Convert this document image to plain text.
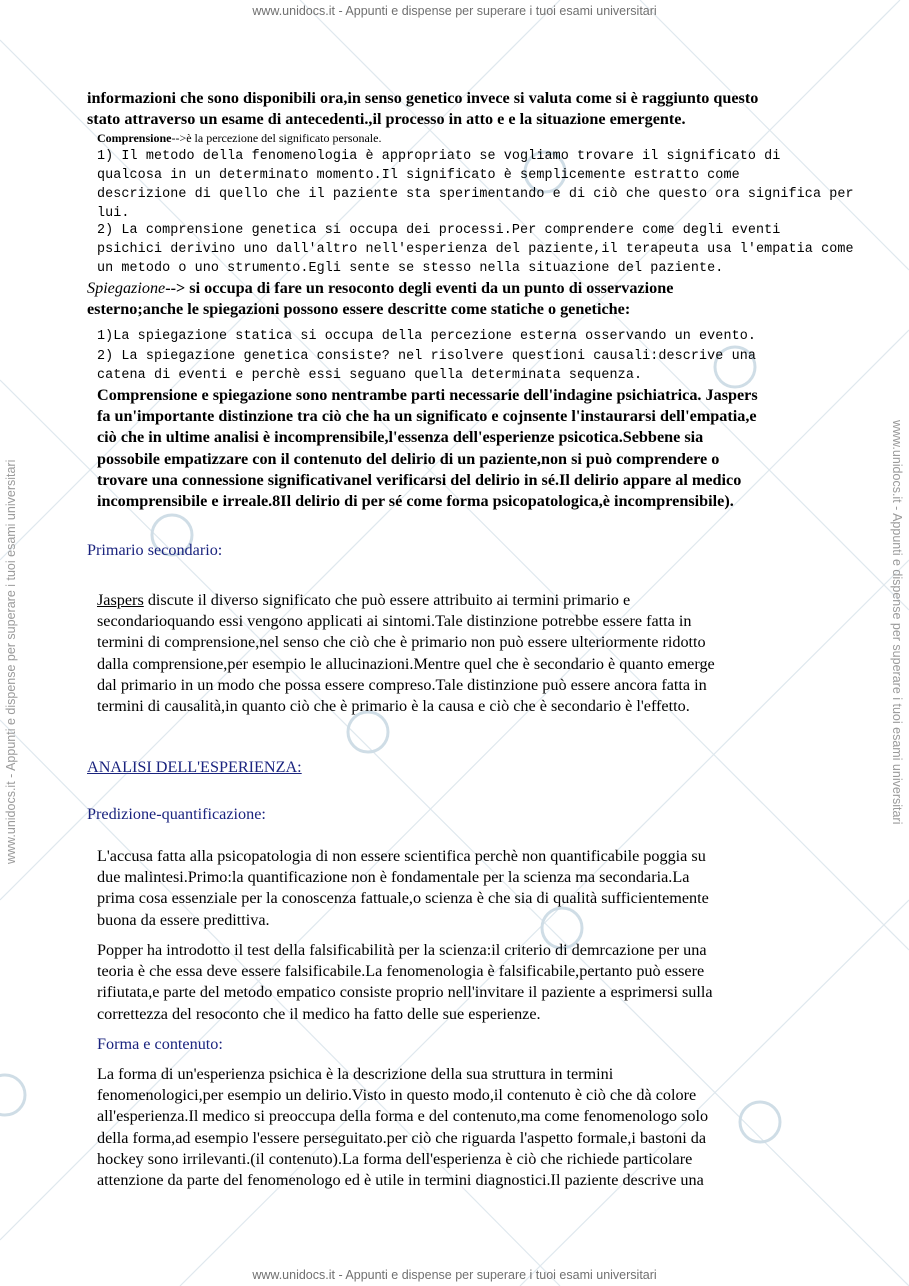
www.unidocs.it - Appunti e dispense per superare i tuoi esami universitari
www.unidocs.it - Appunti e dispense per superare i tuoi esami universitari
www.unidocs.it - Appunti e dispense per superare i tuoi esami universitari	www.unidocs.it - Appunti e dispense per superare i tuoi esami universitari
informazioni che sono disponibili ora,in senso genetico invece si valuta come si è raggiunto questo
stato attraverso un esame di antecedenti.,il processo in atto e e la situazione emergente.
Comprensione-->è la percezione del significato personale.
1) Il metodo della fenomenologia è appropriato se vogliamo trovare il significato di
qualcosa in un determinato momento.Il significato è semplicemente estratto come
descrizione di quello che il paziente sta sperimentando e di ciò che questo ora significa per
lui.
2) La comprensione genetica si occupa dei processi.Per comprendere come degli eventi
psichici derivino uno dall'altro nell'esperienza del paziente,il terapeuta usa l'empatia come
un metodo o uno strumento.Egli sente se stesso nella situazione del paziente.
Spiegazione--> si occupa di fare un resoconto degli eventi da un punto di osservazione
esterno;anche le spiegazioni possono essere descritte come statiche o genetiche:
1)La spiegazione statica si occupa della percezione esterna osservando un evento.
2) La spiegazione genetica consiste? nel risolvere questioni causali:descrive una
catena di eventi e perchè essi seguano quella determinata sequenza.
Comprensione e spiegazione sono nentrambe parti necessarie dell'indagine psichiatrica. Jaspers
fa un'importante distinzione tra ciò che ha un significato e cojnsente l'instaurarsi dell'empatia,e
ciò che in ultime analisi è incomprensibile,l'essenza dell'esperienze psicotica.Sebbene sia
possobile empatizzare con il contenuto del delirio di un paziente,non si può comprendere o
trovare una connessione significativanel verificarsi del delirio in sé.Il delirio appare al medico
incomprensibile e irreale.8Il delirio di per sé come forma psicopatologica,è incomprensibile).
Primario secondario:
Jaspers discute il diverso significato che può essere attribuito ai termini primario e
secondarioquando essi vengono applicati ai sintomi.Tale distinzione potrebbe essere fatta in
termini di comprensione,nel senso che ciò che è primario non può essere ulteriormente ridotto
dalla comprensione,per esempio le allucinazioni.Mentre quel che è secondario è quanto emerge
dal primario in un modo che possa essere compreso.Tale distinzione può essere ancora fatta in
termini di causalità,in quanto ciò che è primario è la causa e ciò che è secondario è l'effetto.
ANALISI DELL'ESPERIENZA:
Predizione-quantificazione:
L'accusa fatta alla psicopatologia di non essere scientifica perchè non quantificabile poggia su
due malintesi.Primo:la quantificazione non è fondamentale per la scienza ma secondaria.La
prima cosa essenziale per la conoscenza fattuale,o scienza è che sia di qualità sufficientemente
buona da essere predittiva.
Popper ha introdotto il test della falsificabilità per la scienza:il criterio di demrcazione per una
teoria è che essa deve essere falsificabile.La fenomenologia è falsificabile,pertanto può essere
rifiutata,e parte del metodo empatico consiste proprio nell'invitare il paziente a esprimersi sulla
correttezza del resoconto che il medico ha fatto delle sue esperienze.
Forma e contenuto:
La forma di un'esperienza psichica è la descrizione della sua struttura in termini
fenomenologici,per esempio un delirio.Visto in questo modo,il contenuto è ciò che dà colore
all'esperienza.Il medico si preoccupa della forma e del contenuto,ma come fenomenologo solo
della forma,ad esempio l'essere perseguitato.per ciò che riguarda l'aspetto formale,i bastoni da
hockey sono irrilevanti.(il contenuto).La forma dell'esperienza è ciò che richiede particolare
attenzione da parte del fenomenologo ed è utile in termini diagnostici.Il paziente descrive una
